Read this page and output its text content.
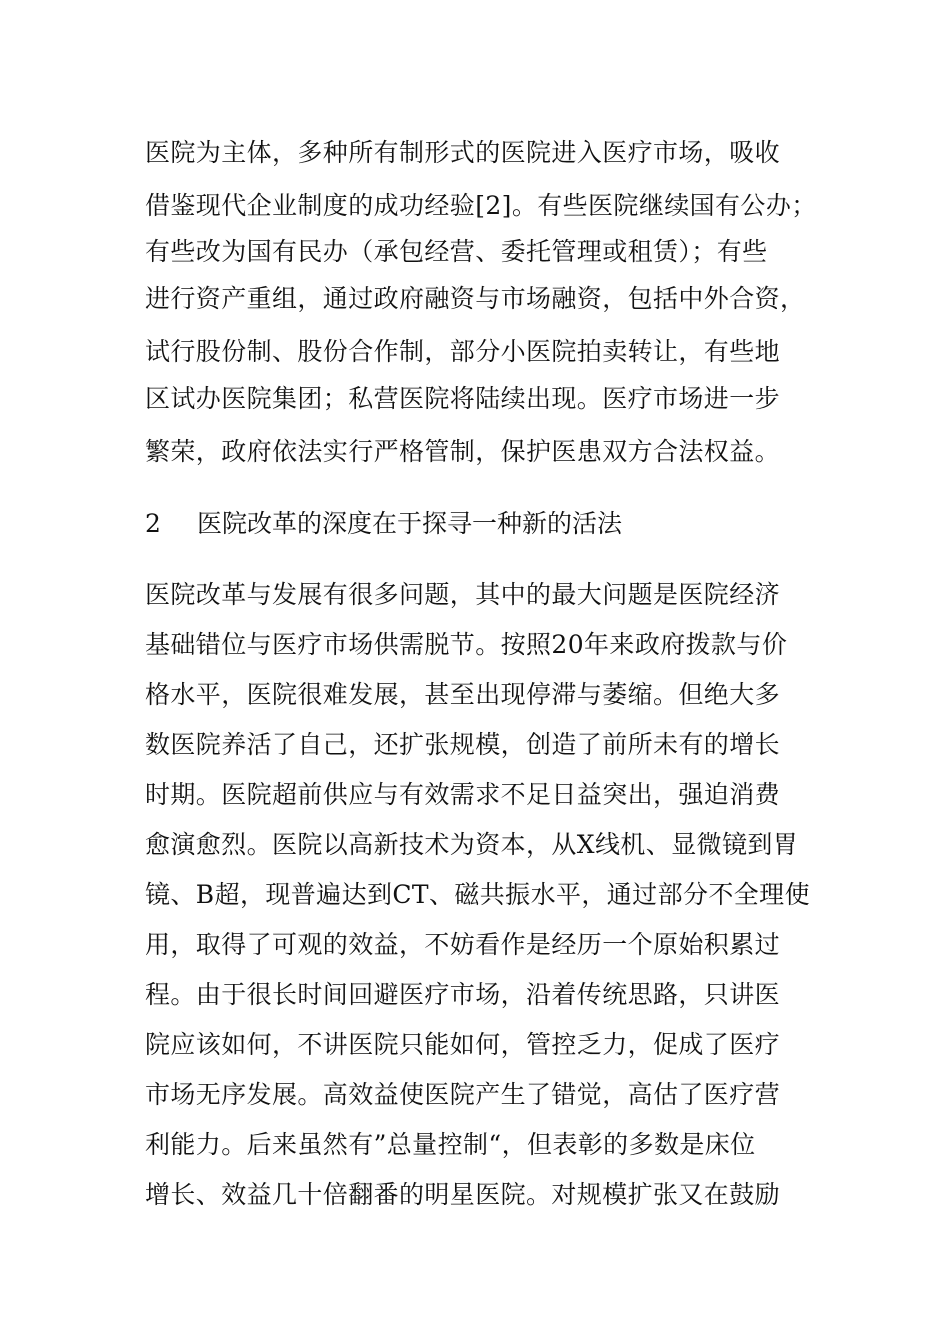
医院为主体，多种所有制形式的医院进入医疗市场，吸收
借鉴现代企业制度的成功经验[2]。有些医院继续国有公办；
有些改为国有民办（承包经营、委托管理或租赁）；有些
进行资产重组，通过政府融资与市场融资，包括中外合资，
试行股份制、股份合作制，部分小医院拍卖转让，有些地
区试办医院集团；私营医院将陆续出现。医疗市场进一步
繁荣，政府依法实行严格管制，保护医患双方合法权益。
2 医院改革的深度在于探寻一种新的活法
医院改革与发展有很多问题，其中的最大问题是医院经济
基础错位与医疗市场供需脱节。按照20年来政府拨款与价
格水平，医院很难发展，甚至出现停滞与萎缩。但绝大多
数医院养活了自己，还扩张规模，创造了前所未有的增长
时期。医院超前供应与有效需求不足日益突出，强迫消费
愈演愈烈。医院以高新技术为资本，从X线机、显微镜到胃
镜、B超，现普遍达到CT、磁共振水平，通过部分不全理使
用，取得了可观的效益，不妨看作是经历一个原始积累过
程。由于很长时间回避医疗市场，沿着传统思路，只讲医
院应该如何，不讲医院只能如何，管控乏力，促成了医疗
市场无序发展。高效益使医院产生了错觉，高估了医疗营
利能力。后来虽然有”总量控制“，但表彰的多数是床位
增长、效益几十倍翻番的明星医院。对规模扩张又在鼓励
